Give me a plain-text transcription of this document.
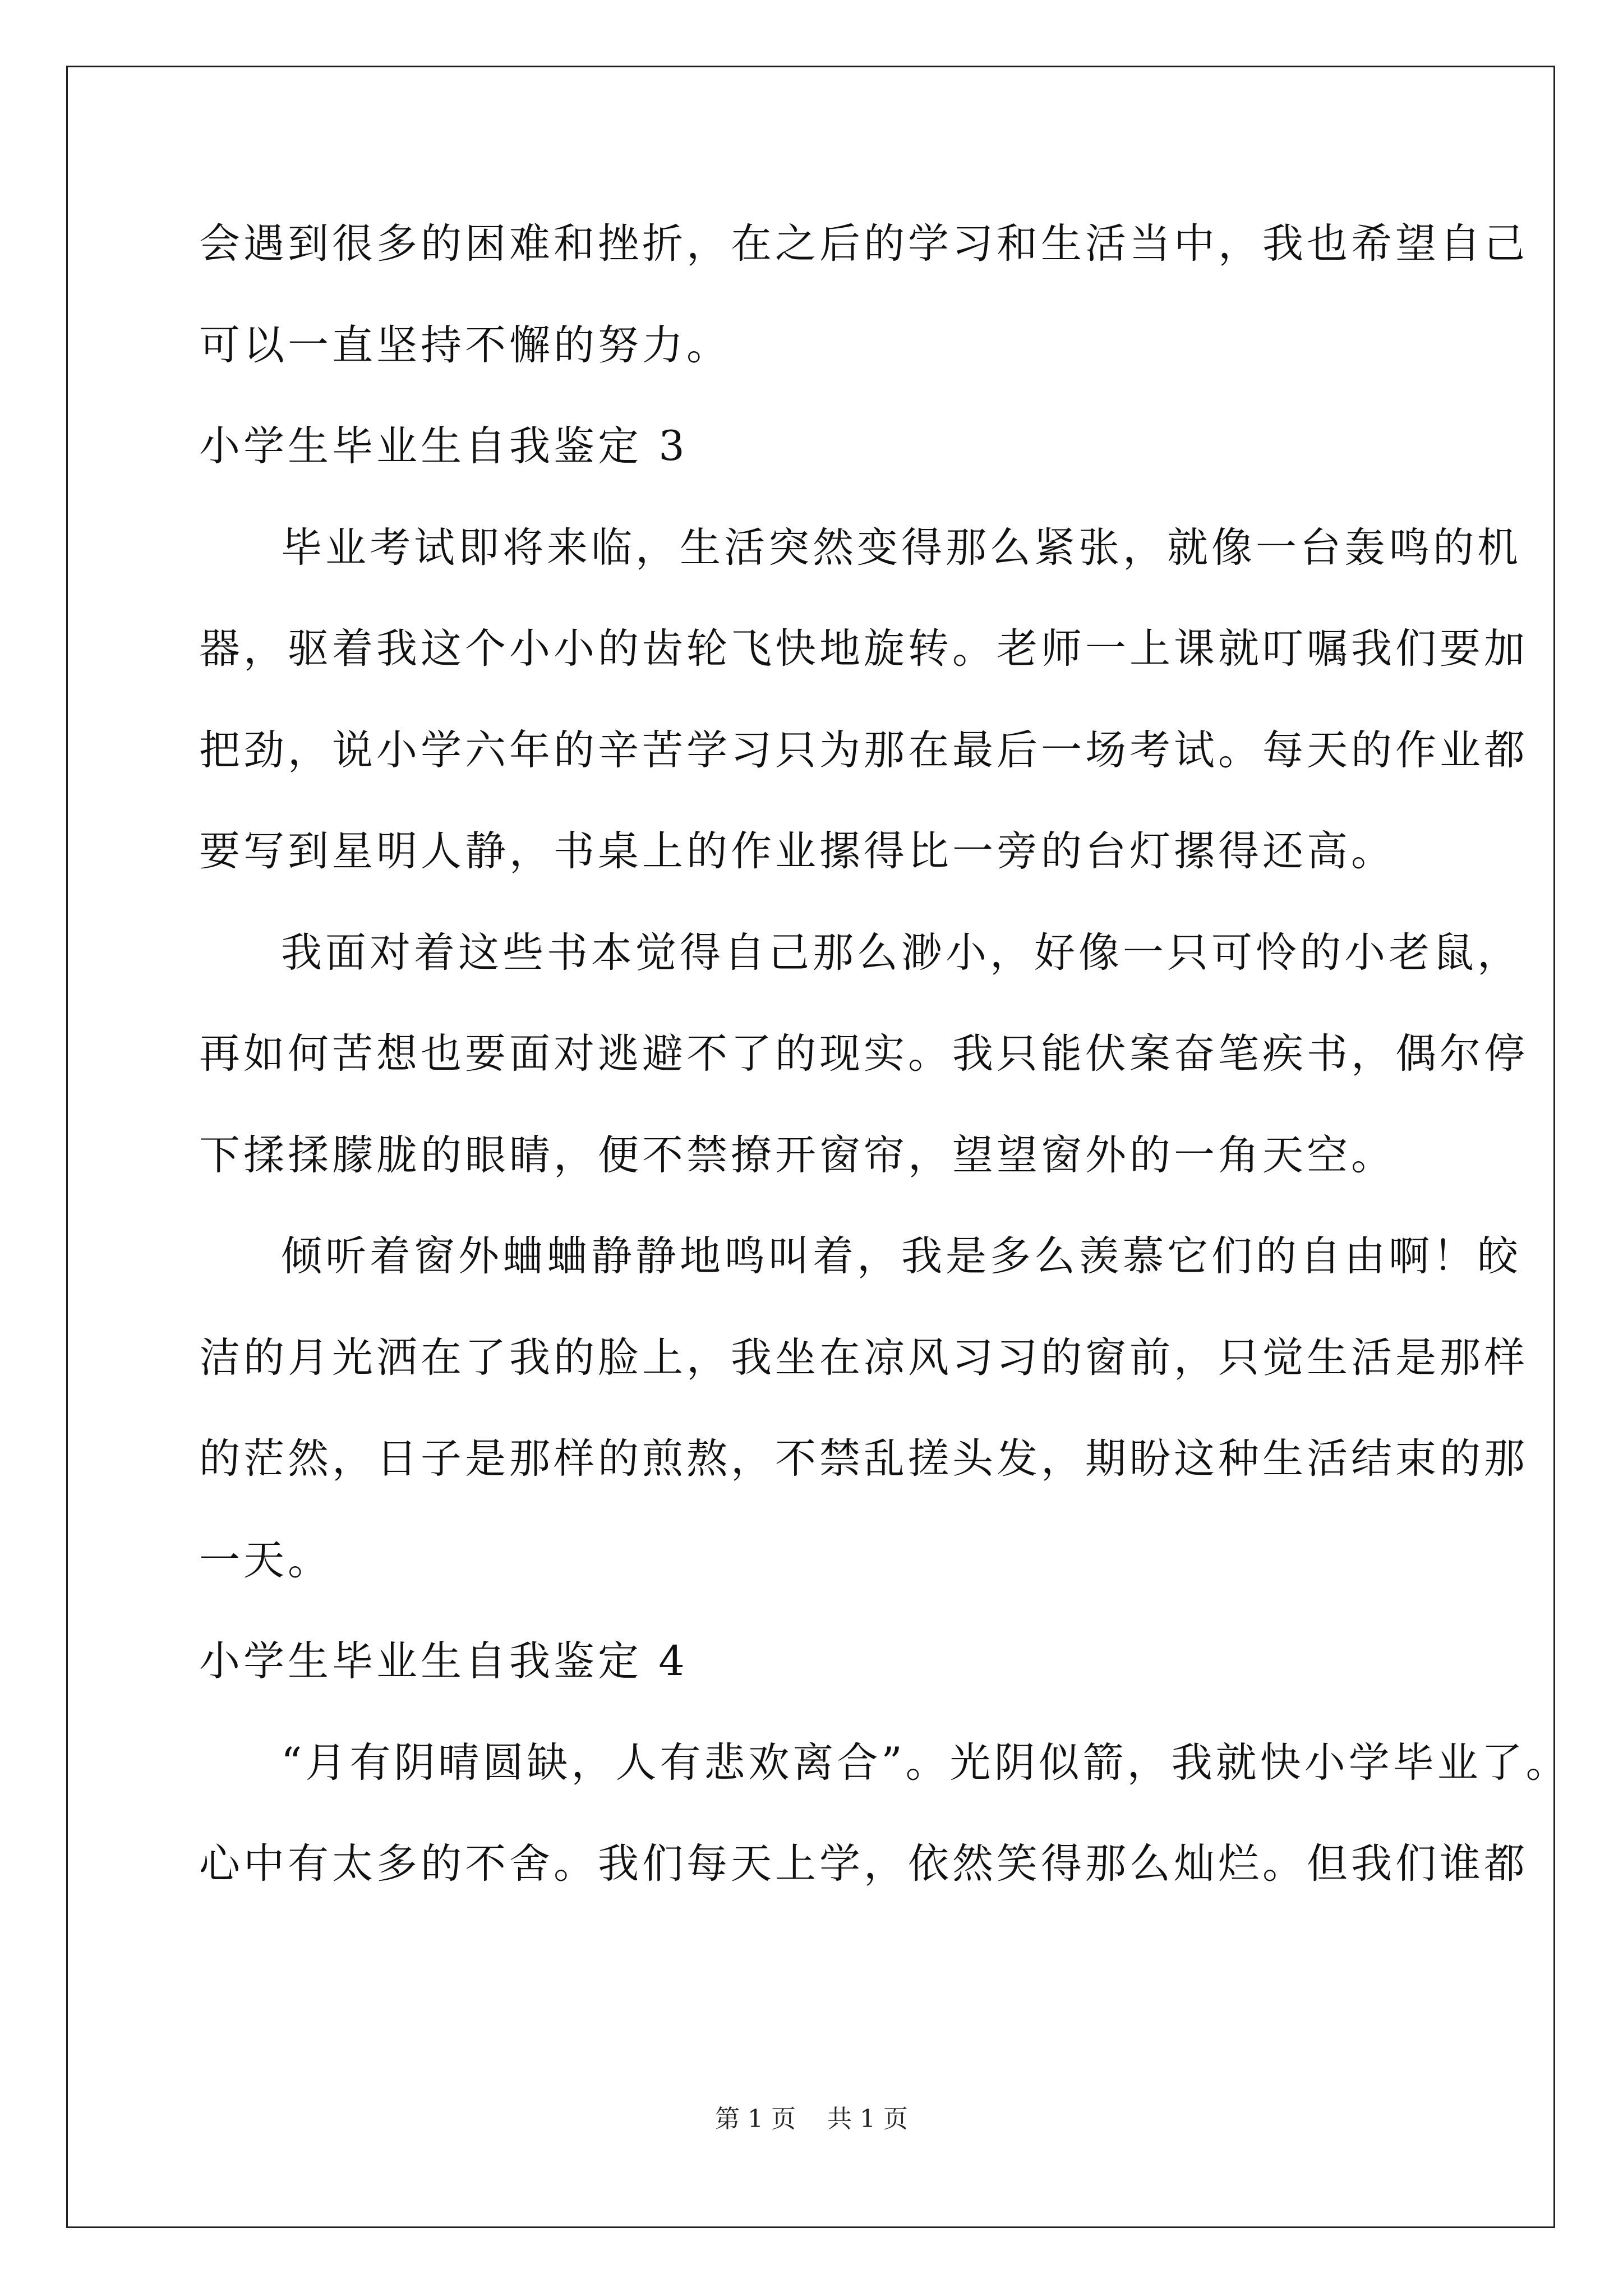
会遇到很多的困难和挫折，在之后的学习和生活当中，我也希望自己
可以一直坚持不懈的努力。
小学生毕业生自我鉴定 3
毕业考试即将来临，生活突然变得那么紧张，就像一台轰鸣的机
器，驱着我这个小小的齿轮飞快地旋转。老师一上课就叮嘱我们要加
把劲，说小学六年的辛苦学习只为那在最后一场考试。每天的作业都
要写到星明人静，书桌上的作业摞得比一旁的台灯摞得还高。
我面对着这些书本觉得自己那么渺小，好像一只可怜的小老鼠，
再如何苦想也要面对逃避不了的现实。我只能伏案奋笔疾书，偶尔停
下揉揉朦胧的眼睛，便不禁撩开窗帘，望望窗外的一角天空。
倾听着窗外蛐蛐静静地鸣叫着，我是多么羡慕它们的自由啊！皎
洁的月光洒在了我的脸上，我坐在凉风习习的窗前，只觉生活是那样
的茫然，日子是那样的煎熬，不禁乱搓头发，期盼这种生活结束的那
一天。
小学生毕业生自我鉴定 4
“月有阴晴圆缺，人有悲欢离合”。光阴似箭，我就快小学毕业了。
心中有太多的不舍。我们每天上学，依然笑得那么灿烂。但我们谁都
第 1 页    共 1 页
